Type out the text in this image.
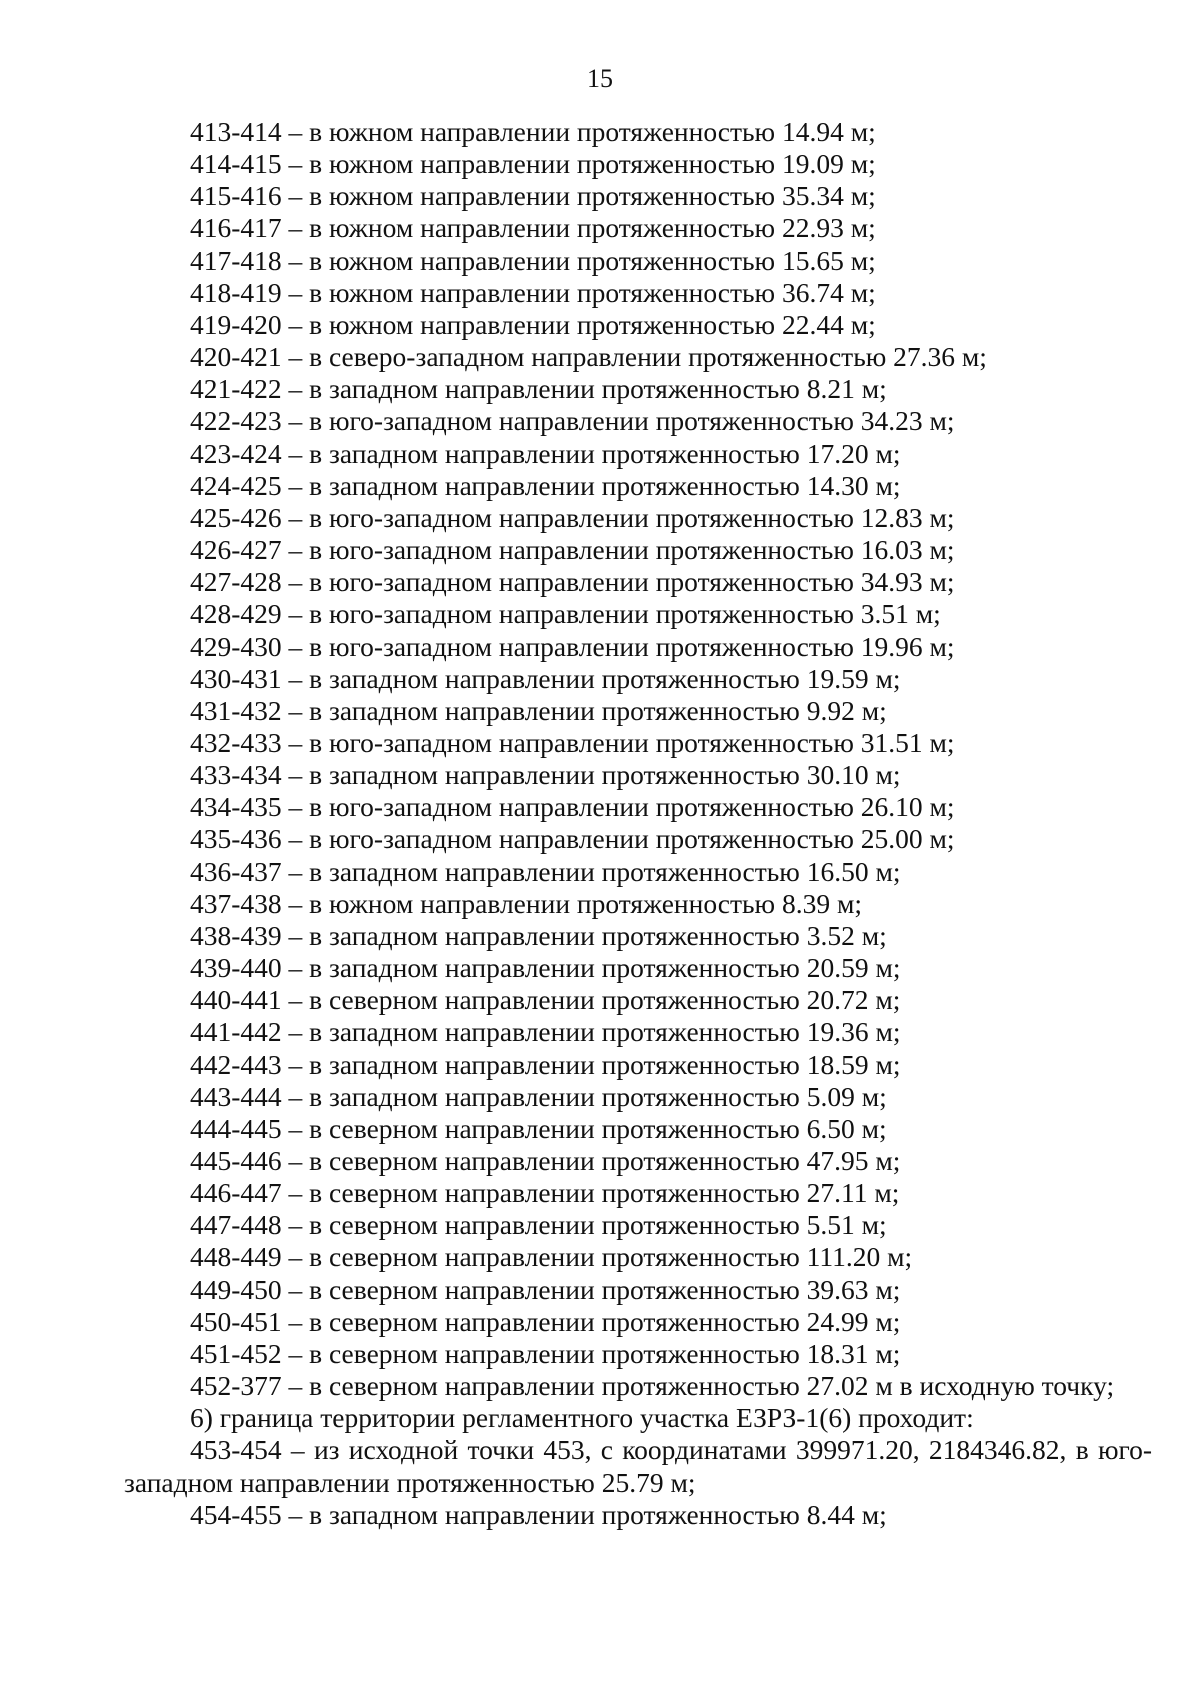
15
413-414 – в южном направлении протяженностью 14.94 м;
414-415 – в южном направлении протяженностью 19.09 м;
415-416 – в южном направлении протяженностью 35.34 м;
416-417 – в южном направлении протяженностью 22.93 м;
417-418 – в южном направлении протяженностью 15.65 м;
418-419 – в южном направлении протяженностью 36.74 м;
419-420 – в южном направлении протяженностью 22.44 м;
420-421 – в северо-западном направлении протяженностью 27.36 м;
421-422 – в западном направлении протяженностью 8.21 м;
422-423 – в юго-западном направлении протяженностью 34.23 м;
423-424 – в западном направлении протяженностью 17.20 м;
424-425 – в западном направлении протяженностью 14.30 м;
425-426 – в юго-западном направлении протяженностью 12.83 м;
426-427 – в юго-западном направлении протяженностью 16.03 м;
427-428 – в юго-западном направлении протяженностью 34.93 м;
428-429 – в юго-западном направлении протяженностью 3.51 м;
429-430 – в юго-западном направлении протяженностью 19.96 м;
430-431 – в западном направлении протяженностью 19.59 м;
431-432 – в западном направлении протяженностью 9.92 м;
432-433 – в юго-западном направлении протяженностью 31.51 м;
433-434 – в западном направлении протяженностью 30.10 м;
434-435 – в юго-западном направлении протяженностью 26.10 м;
435-436 – в юго-западном направлении протяженностью 25.00 м;
436-437 – в западном направлении протяженностью 16.50 м;
437-438 – в южном направлении протяженностью 8.39 м;
438-439 – в западном направлении протяженностью 3.52 м;
439-440 – в западном направлении протяженностью 20.59 м;
440-441 – в северном направлении протяженностью 20.72 м;
441-442 – в западном направлении протяженностью 19.36 м;
442-443 – в западном направлении протяженностью 18.59 м;
443-444 – в западном направлении протяженностью 5.09 м;
444-445 – в северном направлении протяженностью 6.50 м;
445-446 – в северном направлении протяженностью 47.95 м;
446-447 – в северном направлении протяженностью 27.11 м;
447-448 – в северном направлении протяженностью 5.51 м;
448-449 – в северном направлении протяженностью 111.20 м;
449-450 – в северном направлении протяженностью 39.63 м;
450-451 – в северном направлении протяженностью 24.99 м;
451-452 – в северном направлении протяженностью 18.31 м;
452-377 – в северном направлении протяженностью 27.02 м в исходную точку;
6) граница территории регламентного участка ЕЗРЗ-1(6) проходит:
453-454 – из исходной точки 453, с координатами 399971.20, 2184346.82, в юго-западном направлении протяженностью 25.79 м;
454-455 – в западном направлении протяженностью 8.44 м;
